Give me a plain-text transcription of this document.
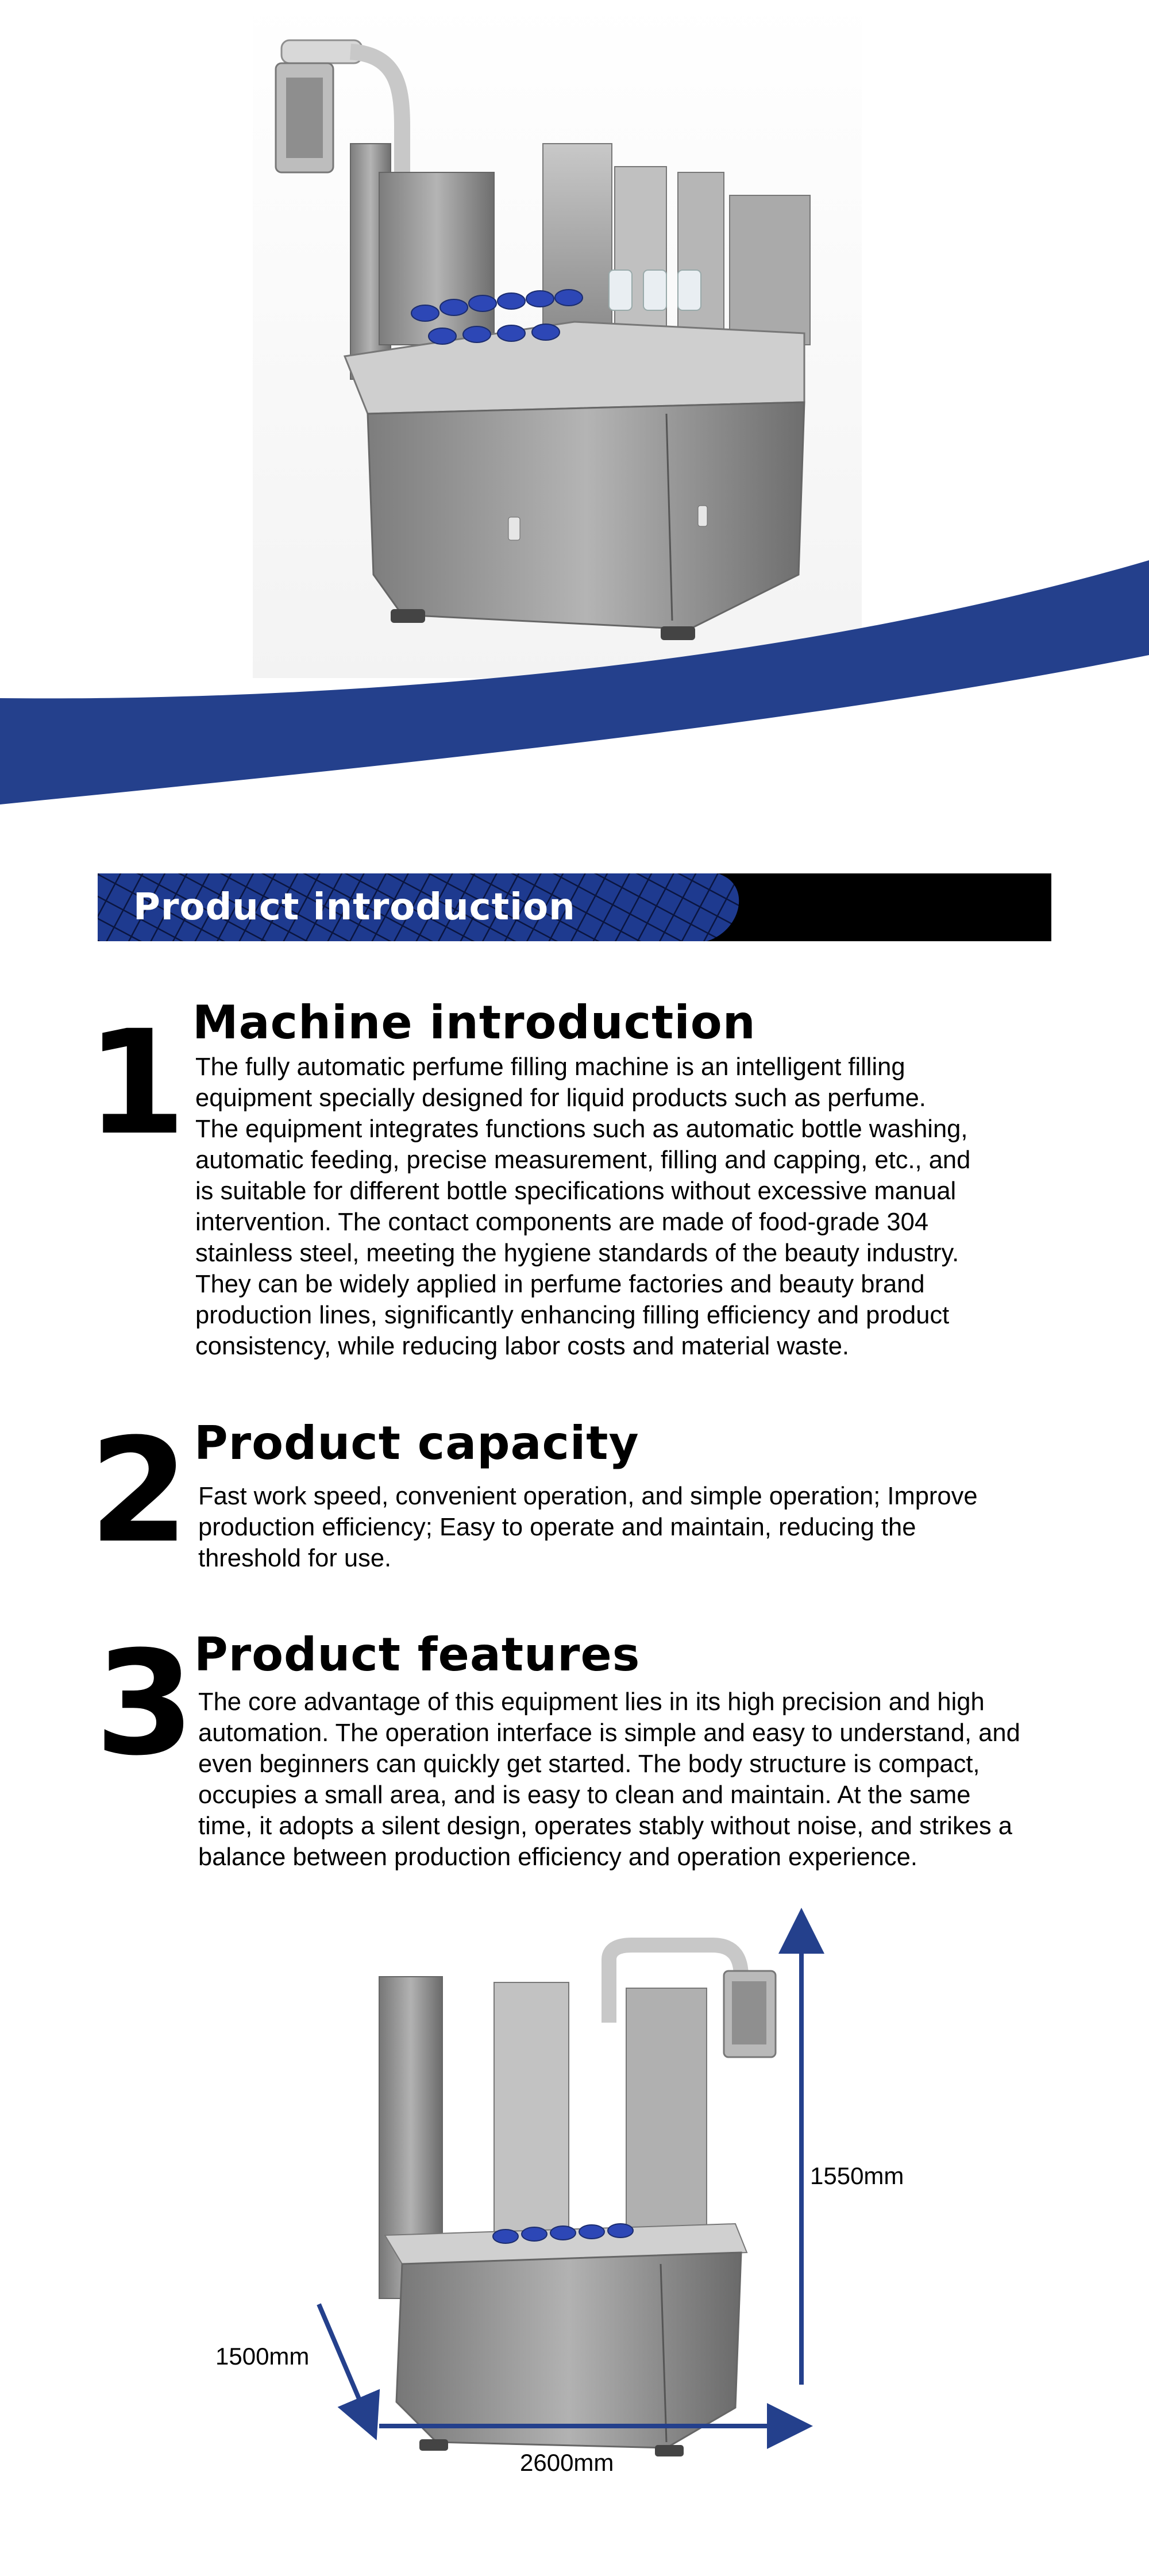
Product introduction
1 Machine introduction
The fully automatic perfume filling machine is an intelligent filling
equipment specially designed for liquid products such as perfume.
The equipment integrates functions such as automatic bottle washing,
automatic feeding, precise measurement, filling and capping, etc., and
is suitable for different bottle specifications without excessive manual
intervention. The contact components are made of food-grade 304
stainless steel, meeting the hygiene standards of the beauty industry.
They can be widely applied in perfume factories and beauty brand
production lines, significantly enhancing filling efficiency and product
consistency, while reducing labor costs and material waste.
2 Product capacity
Fast work speed, convenient operation, and simple operation; Improve
production efficiency; Easy to operate and maintain, reducing the
threshold for use.
3 Product features
The core advantage of this equipment lies in its high precision and high
automation. The operation interface is simple and easy to understand, and
even beginners can quickly get started. The body structure is compact,
occupies a small area, and is easy to clean and maintain. At the same
time, it adopts a silent design, operates stably without noise, and strikes a
balance between production efficiency and operation experience.
1550mm
1500mm
2600mm
